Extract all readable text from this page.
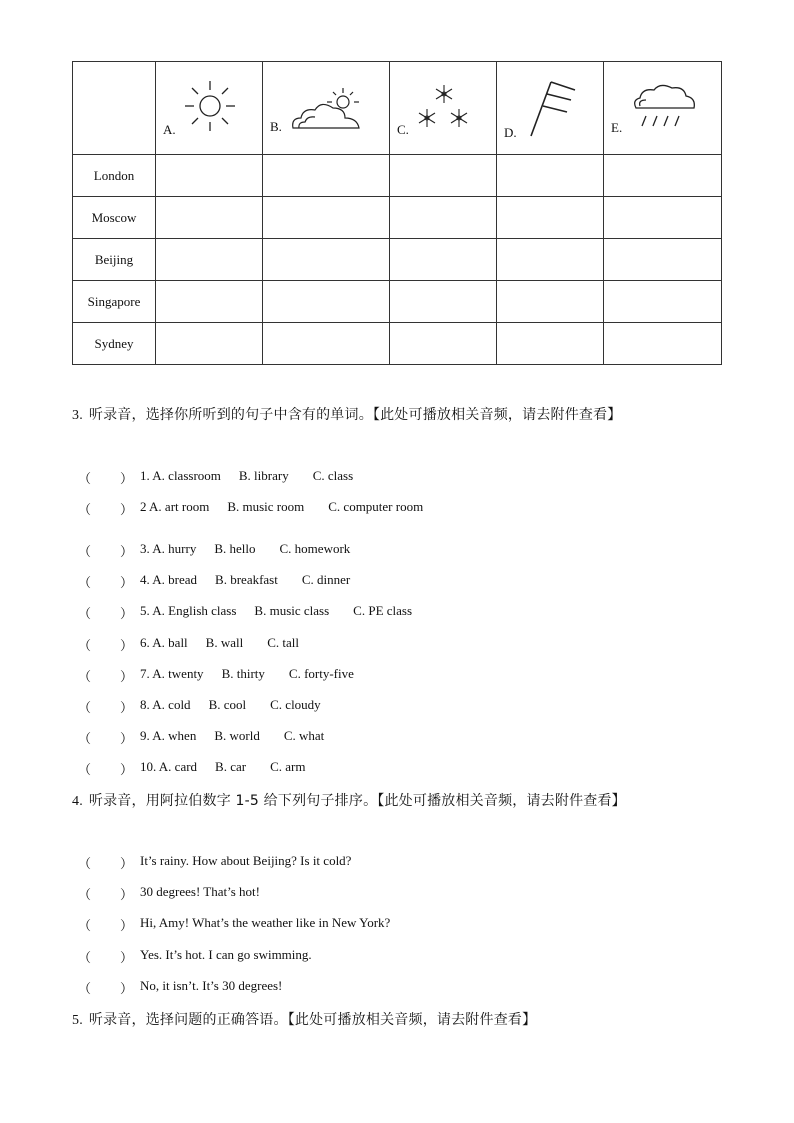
	A.	B.	C.	D.	E.

London					
Moscow					
Beijing					
Singapore					
Sydney					
3. 听录音，选择你所听到的句子中含有的单词。【此处可播放相关音频，请去附件查看】
（ ） 1. A. classroom B. library C. class
（ ） 2 A. art room B. music room C. computer room
（ ） 3. A. hurry B. hello C. homework
（ ） 4. A. bread B. breakfast C. dinner
（ ） 5. A. English class B. music class C. PE class
（ ） 6. A. ball B. wall C. tall
（ ） 7. A. twenty B. thirty C. forty-five
（ ） 8. A. cold B. cool C. cloudy
（ ） 9. A. when B. world C. what
（ ） 10. A. card B. car C. arm
4. 听录音，用阿拉伯数字 1-5 给下列句子排序。【此处可播放相关音频，请去附件查看】
（ ） It’s rainy. How about Beijing? Is it cold?
（ ） 30 degrees! That’s hot!
（ ） Hi, Amy! What’s the weather like in New York?
（ ） Yes. It’s hot. I can go swimming.
（ ） No, it isn’t. It’s 30 degrees!
5. 听录音，选择问题的正确答语。【此处可播放相关音频，请去附件查看】
